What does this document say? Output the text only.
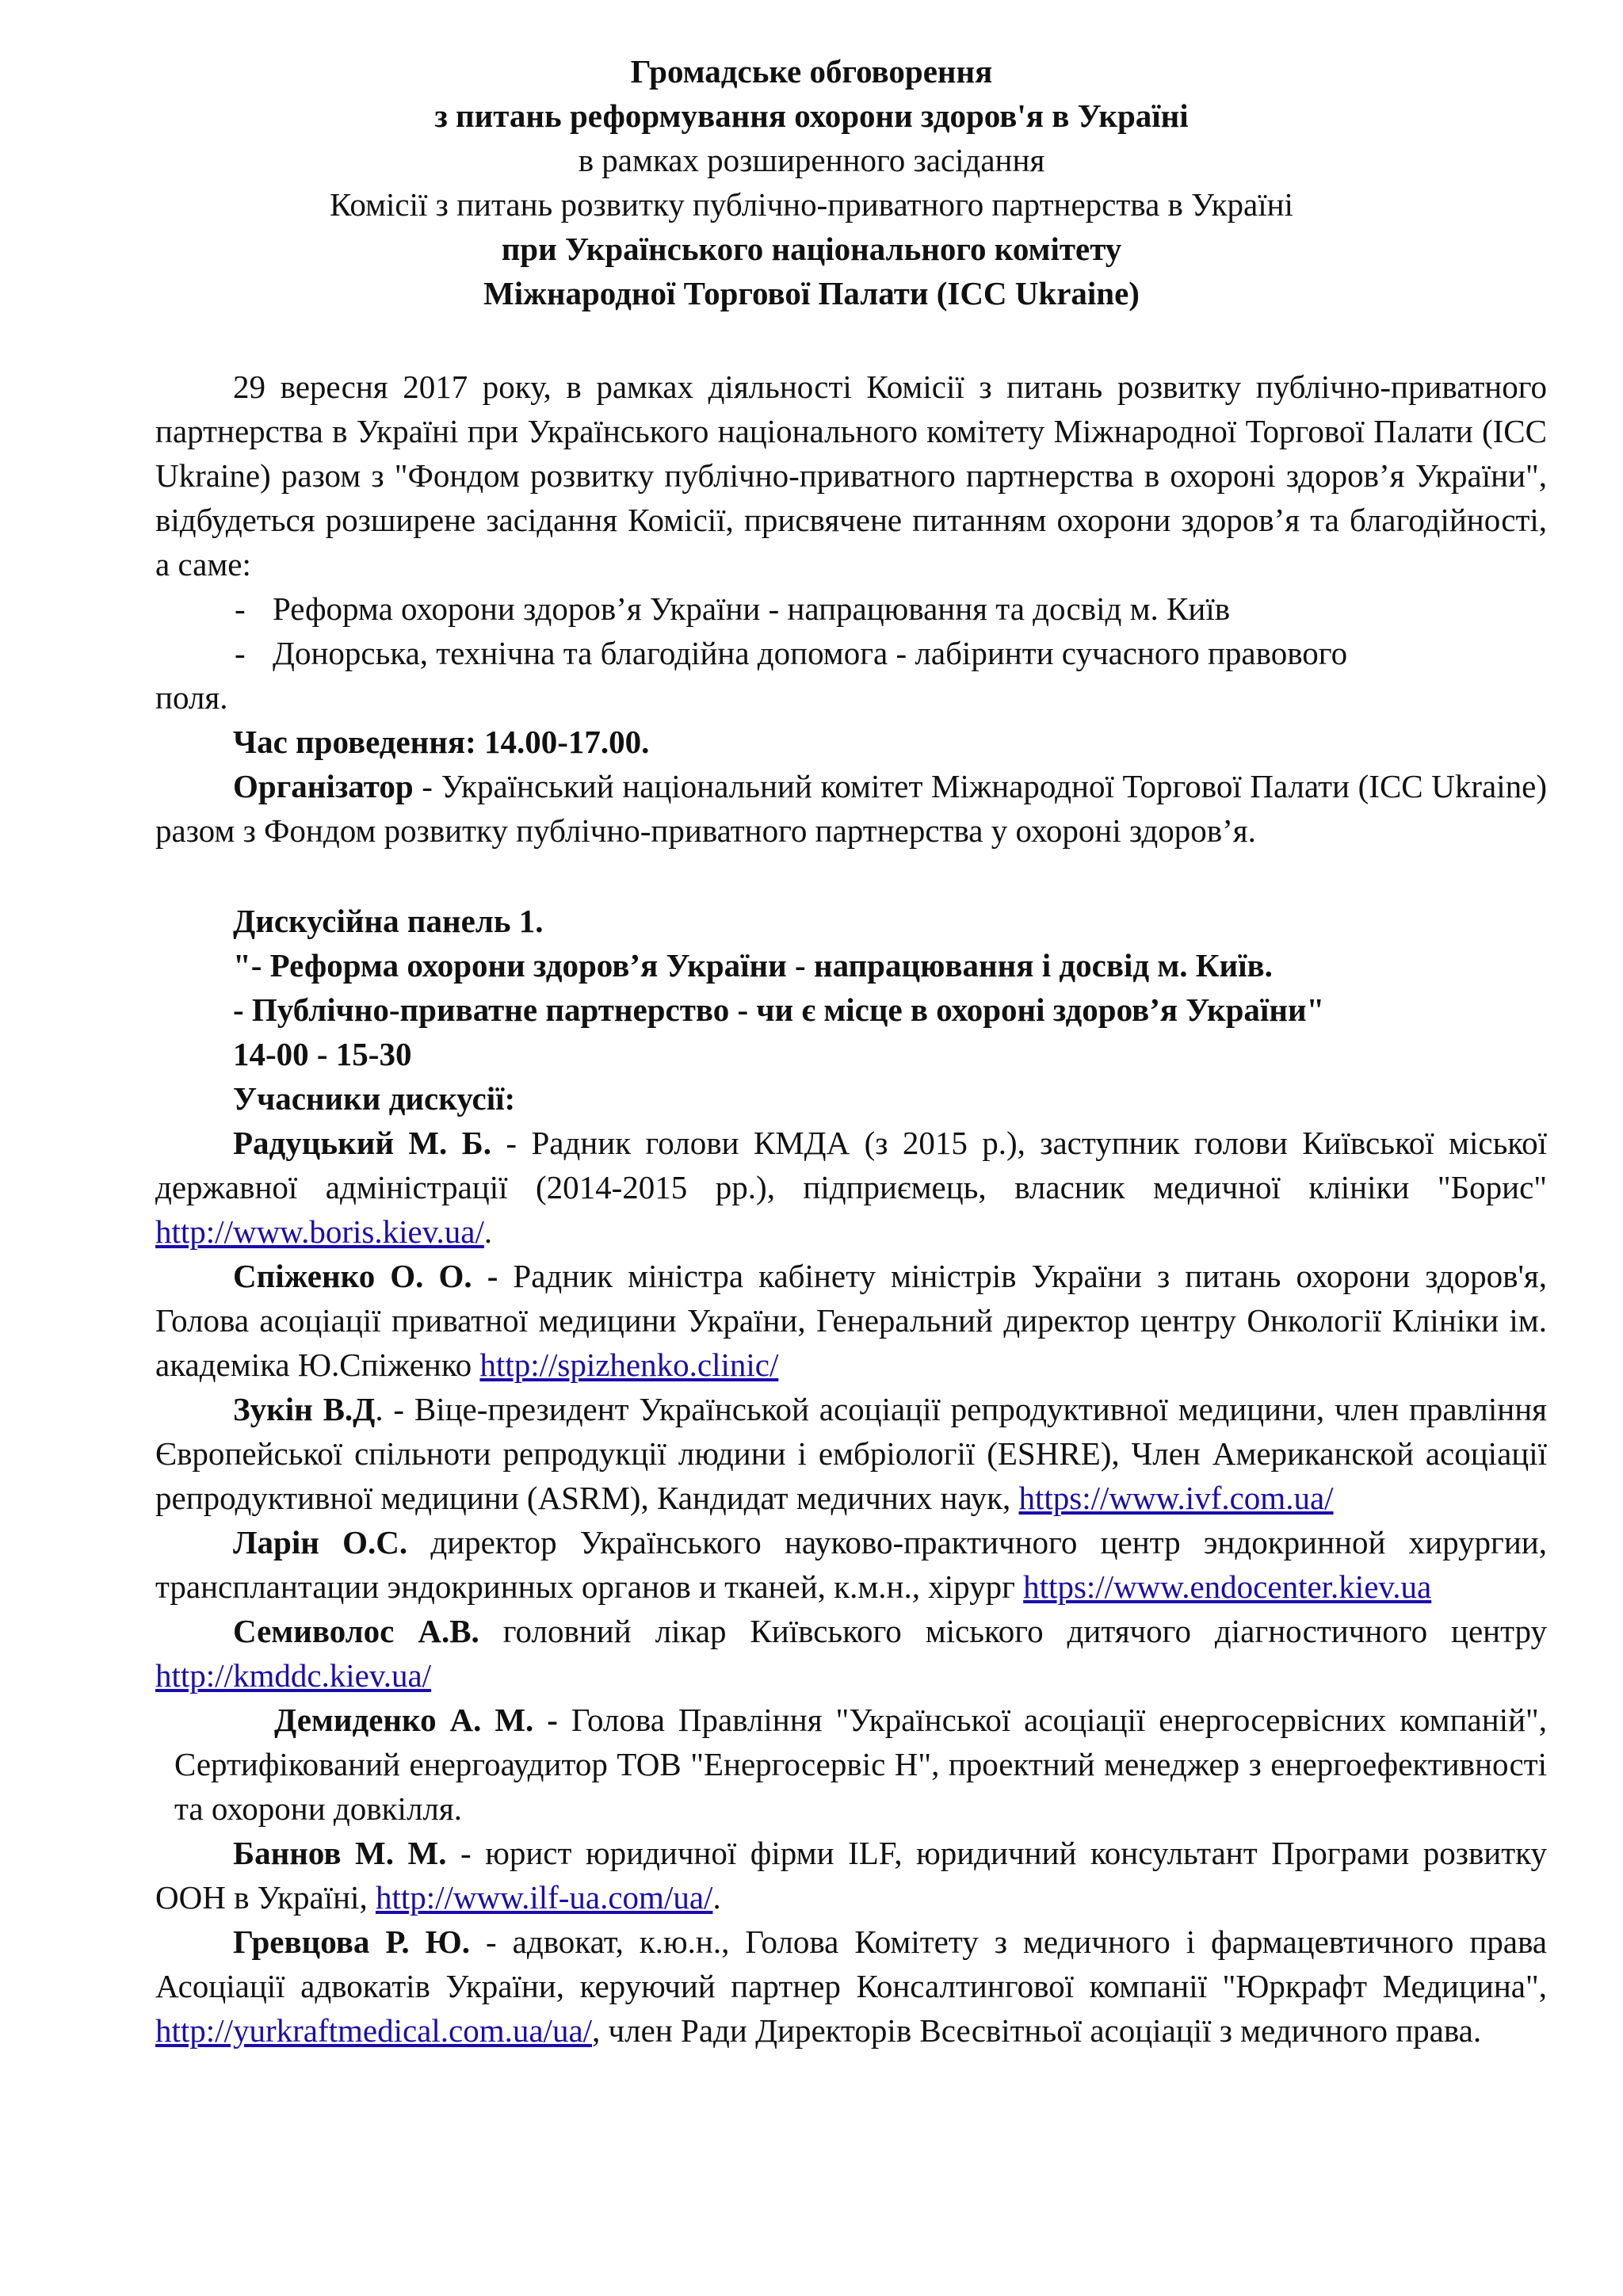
Громадське обговорення
з питань реформування охорони здоров'я в Україні
в рамках розширенного засідання
Комісії з питань розвитку публічно-приватного партнерства в Україні
при Українського національного комітету
Міжнародної Торгової Палати (ICC Ukraine)

29 вересня 2017 року, в рамках діяльності Комісії з питань розвитку публічно-приватного партнерства в Україні при Українського національного комітету Міжнародної Торгової Палати (ICC Ukraine) разом з "Фондом розвитку публічно-приватного партнерства в охороні здоров’я України", відбудеться розширене засідання Комісії, присвячене питанням охорони здоров’я та благодійності, а саме:

- Реформа охорони здоров’я України - напрацювання та досвід м. Київ

- Донорська, технічна та благодійна допомога - лабіринти сучасного правового

поля.

Час проведення: 14.00-17.00.

Організатор - Український національний комітет Міжнародної Торгової Палати (ICC Ukraine) разом з Фондом розвитку публічно-приватного партнерства у охороні здоров’я.

Дискусійна панель 1.

"- Реформа охорони здоров’я України - напрацювання і досвід м. Київ.

- Публічно-приватне партнерство - чи є місце в охороні здоров’я України"

14-00 - 15-30

Учасники дискусії:

Радуцький М. Б. - Радник голови КМДА (з 2015 р.), заступник голови Київської міської державної адміністрації (2014-2015 рр.), підприємець, власник медичної клініки "Борис" http://www.boris.kiev.ua/.

Спіженко О. О. - Радник міністра кабінету міністрів України з питань охорони здоров'я, Голова асоціації приватної медицини України, Генеральний директор центру Онкології Клініки ім. академіка Ю.Спіженко http://spizhenko.clinic/

Зукін В.Д. - Віце-президент Українськой асоціації репродуктивної медицини, член правління Європейської спільноти репродукції людини і ембріології (ESHRE), Член Американской асоціації репродуктивної медицини (ASRM), Кандидат медичних наук, https://www.ivf.com.ua/

Ларін О.С. директор Українського науково-практичного центр эндокринной хирургии, трансплантации эндокринных органов и тканей, к.м.н., хірург https://www.endocenter.kiev.ua

Семиволос А.В. головний лікар Київського міського дитячого діагностичного центру http://kmddc.kiev.ua/

Демиденко А. М. - Голова Правління "Української асоціації енергосервісних компаній", Сертифікований енергоаудитор ТОВ "Енергосервіс Н", проектний менеджер з енергоефективності та охорони довкілля.

Баннов М. М. - юрист юридичної фірми ILF, юридичний консультант Програми розвитку ООН в Україні, http://www.ilf-ua.com/ua/.

Гревцова Р. Ю. - адвокат, к.ю.н., Голова Комітету з медичного і фармацевтичного права Асоціації адвокатів України, керуючий партнер Консалтингової компанії "Юркрафт Медицина", http://yurkraftmedical.com.ua/ua/, член Ради Директорів Всесвітньої асоціації з медичного права.
